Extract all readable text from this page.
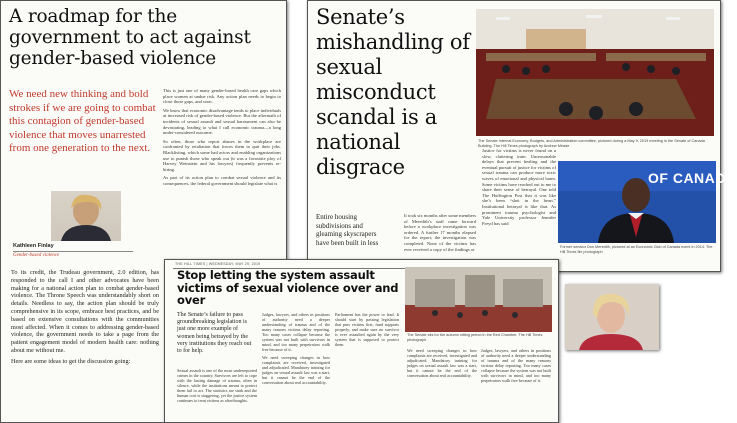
A roadmap for the government to act against gender-based violence
We need new thinking and bold strokes if we are going to combat this contagion of gender-based violence that moves unarrested from one generation to the next.
Kathleen Finlay
Gender-based violence

To its credit, the Trudeau government, 2.0 edition, has responded to the call I and other advocates have been making for a national action plan to combat gender-based violence. The Throne Speech was understandably short on details. Needless to say, the action plan should be truly comprehensive in its scope, embrace best practices, and be based on extensive consultations with the communities most affected. When it comes to addressing gender-based violence, the government needs to take a page from the patient engagement model of modern health care: nothing about me without me.

Here are some ideas to get the discussion going:

This is just one of many gender-based health care gaps which place women at undue risk. Any action plan needs to begin to close those gaps, and soon.

We know that economic disadvantage tends to place individuals at increased risk of gender-based violence. But the aftermath of incidents of sexual assault and sexual harassment can also be devastating, leading to what I call economic trauma—a long under-considered outcome.

So often, those who report abuses in the workplace are confronted by retaliation that forces them to quit their jobs. Blacklisting, which some bad actors and enabling organizations use to punish those who speak out (it was a favourite ploy of Harvey Weinstein and his lawyers) frequently prevents re-hiring.

As part of its action plan to combat sexual violence and its consequences, the federal government should legislate what is

Senate’s mishandling of sexual misconduct scandal is a national disgrace
Entire housing subdivisions and gleaming skyscrapers have been built in less
It took six months after some members of Meredith’s staff came forward before a workplace investigation was ordered. A further 17 months elapsed for the report; the investigation was completed. None of the victims has ever received a copy of the findings or
Justice for victims is never found on a slow, clattering train. Unreasonable delays that prevent healing and the eventual pursuit of justice for victims of sexual trauma can produce more toxic waves of emotional and physical harm. Some victims have reached out to me to share their sense of betrayal. One told The Huffington Post that it was like she’s been “shot in the heart.” Institutional betrayal is like that. As prominent trauma psychologist and Yale University professor Jennifer Freyd has said
The Senate Internal Economy, Budgets, and Administration committee, pictured during a May 9, 2019 meeting in the Senate of Canada Building. The Hill Times photograph by Andrew Meade
OF CANADA
Former senator Don Meredith, pictured at an Economic Club of Canada event in 2014. The Hill Times file photograph
THE HILL TIMES | WEDNESDAY, MAY 29, 2019
Stop letting the system assault victims of sexual violence over and over
The Senate’s failure to pass groundbreaking legislation is just one more example of women being betrayed by the very institutions they reach out to for help.

Sexual assault is one of the most underreported crimes in the country. Survivors are left to cope with the lasting damage of trauma, often in silence, while the institutions meant to protect them fail to act. The statistics are stark and the human cost is staggering, yet the justice system continues to treat victims as afterthoughts.

Judges, lawyers, and others in positions of authority need a deeper understanding of trauma and of the many reasons victims delay reporting. Too many cases collapse because the system was not built with survivors in mind, and too many perpetrators walk free because of it.

We need sweeping changes in how complaints are received, investigated and adjudicated. Mandatory training for judges on sexual assault law was a start, but it cannot be the end of the conversation about real accountability.

Parliament has the power to lead. It should start by passing legislation that puts victims first, fund supports properly, and make sure no survivor is ever assaulted again by the very system that is supposed to protect them.

The Senate sits for the autumn sitting period in the Red Chamber. The Hill Times photograph

We need sweeping changes in how complaints are received, investigated and adjudicated. Mandatory training for judges on sexual assault law was a start, but it cannot be the end of the conversation about real accountability.

Judges, lawyers, and others in positions of authority need a deeper understanding of trauma and of the many reasons victims delay reporting. Too many cases collapse because the system was not built with survivors in mind, and too many perpetrators walk free because of it.
